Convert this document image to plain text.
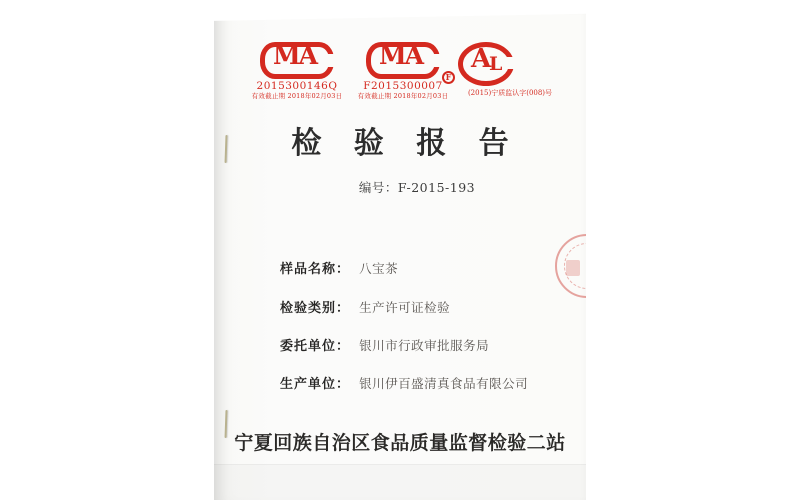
MA
2015300146Q
有效截止期 2018年02月03日
MA
F
F2015300007
有效截止期 2018年02月03日
A
L
(2015)宁质监认字(008)号
检 验 报 告
编号：F-2015-193
样品名称： 八宝茶
检验类别： 生产许可证检验
委托单位： 银川市行政审批服务局
生产单位： 银川伊百盛清真食品有限公司
宁夏回族自治区食品质量监督检验二站
